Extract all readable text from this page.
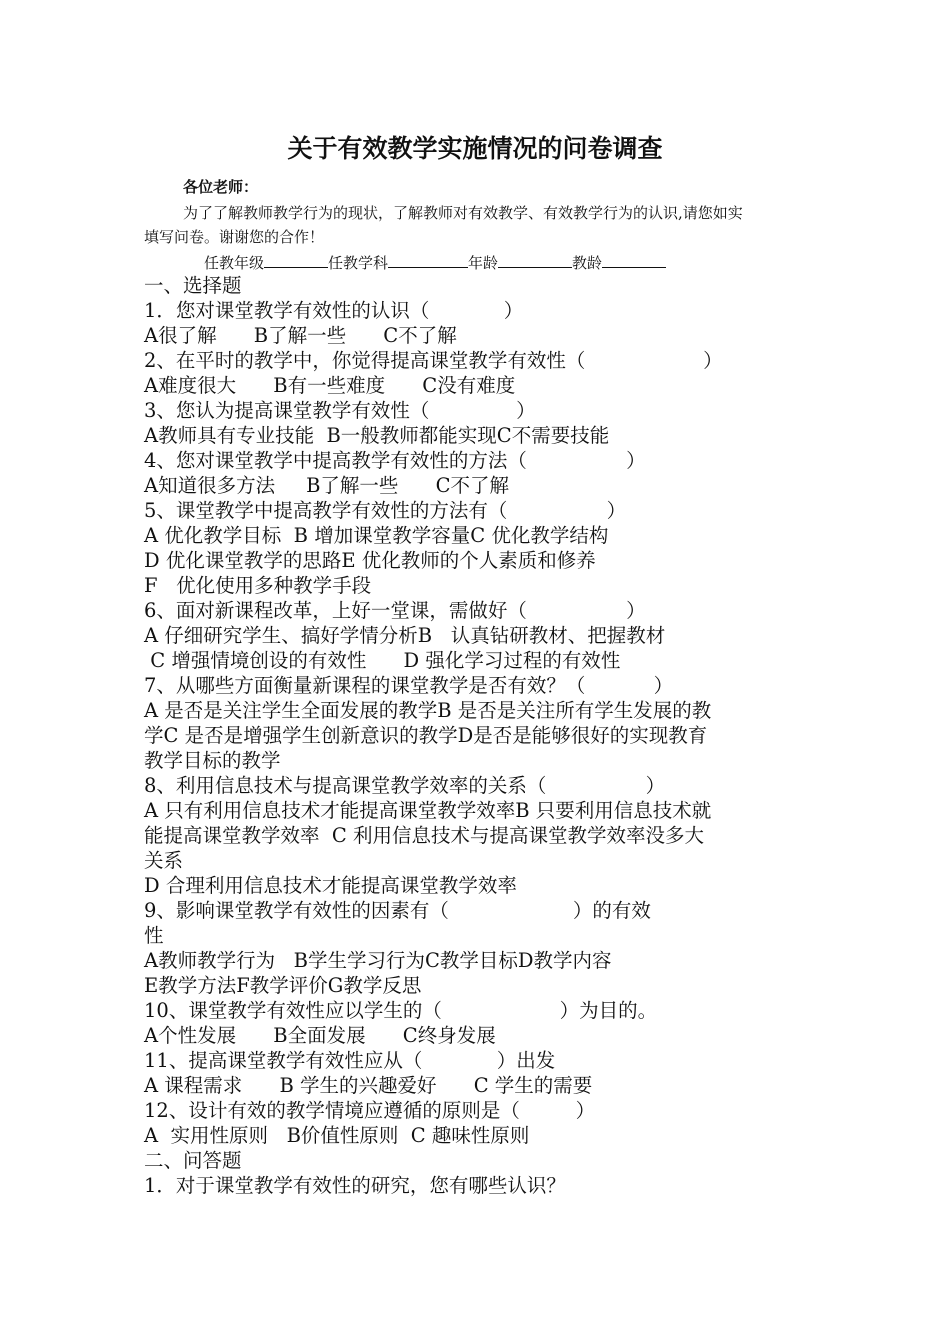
关于有效教学实施情况的问卷调查
各位老师：
为了了解教师教学行为的现状，了解教师对有效教学、有效教学行为的认识,请您如实
填写问卷。谢谢您的合作！
任教年级	任教学科	年龄	教龄
一、选择题
1．您对课堂教学有效性的认识（            ）
A很了解      B了解一些      C不了解
2、在平时的教学中，你觉得提高课堂教学有效性（                   ）
A难度很大      B有一些难度      C没有难度
3、您认为提高课堂教学有效性（              ）
A教师具有专业技能  B一般教师都能实现C不需要技能
4、您对课堂教学中提高教学有效性的方法（                ）
A知道很多方法     B了解一些      C不了解
5、课堂教学中提高教学有效性的方法有（                ）
A 优化教学目标  B 增加课堂教学容量C 优化教学结构
D 优化课堂教学的思路E 优化教师的个人素质和修养
F   优化使用多种教学手段
6、面对新课程改革，上好一堂课，需做好（                ）
A 仔细研究学生、搞好学情分析B   认真钻研教材、把握教材
C 增强情境创设的有效性      D 强化学习过程的有效性
7、从哪些方面衡量新课程的课堂教学是否有效？（           ）
A 是否是关注学生全面发展的教学B 是否是关注所有学生发展的教
学C 是否是增强学生创新意识的教学D是否是能够很好的实现教育
教学目标的教学
8、利用信息技术与提高课堂教学效率的关系（                ）
A 只有利用信息技术才能提高课堂教学效率B 只要利用信息技术就
能提高课堂教学效率  C 利用信息技术与提高课堂教学效率没多大
关系
D 合理利用信息技术才能提高课堂教学效率
9、影响课堂教学有效性的因素有（                    ）的有效
性
A教师教学行为   B学生学习行为C教学目标D教学内容
E教学方法F教学评价G教学反思
10、课堂教学有效性应以学生的（                   ）为目的。
A个性发展      B全面发展      C终身发展
11、提高课堂教学有效性应从（            ）出发
A 课程需求      B 学生的兴趣爱好      C 学生的需要
12、设计有效的教学情境应遵循的原则是（         ）
A  实用性原则   B价值性原则  C 趣味性原则
二、问答题
1．对于课堂教学有效性的研究，您有哪些认识？
